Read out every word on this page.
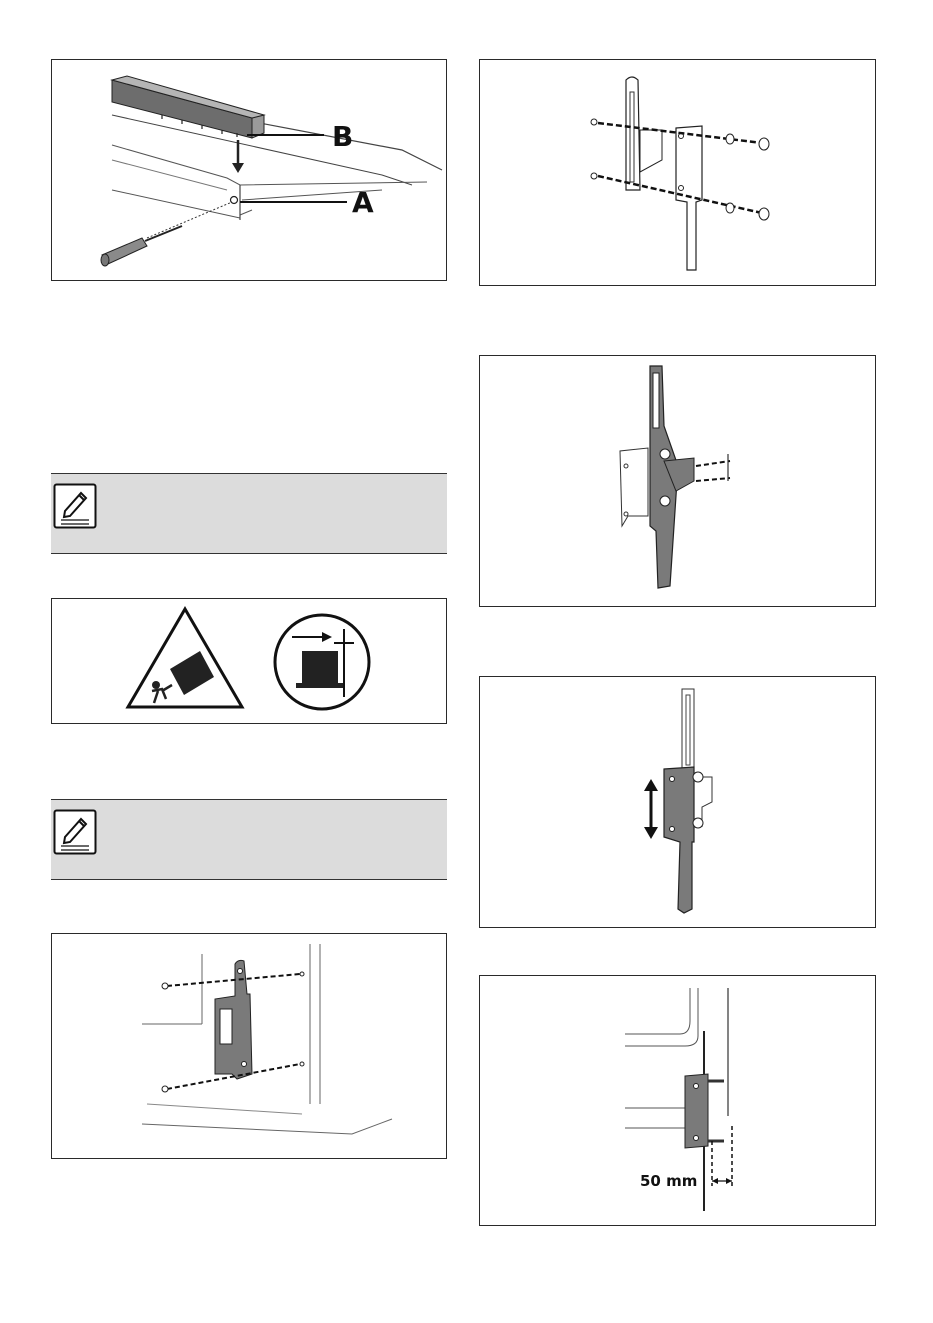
B
A
50 mm
